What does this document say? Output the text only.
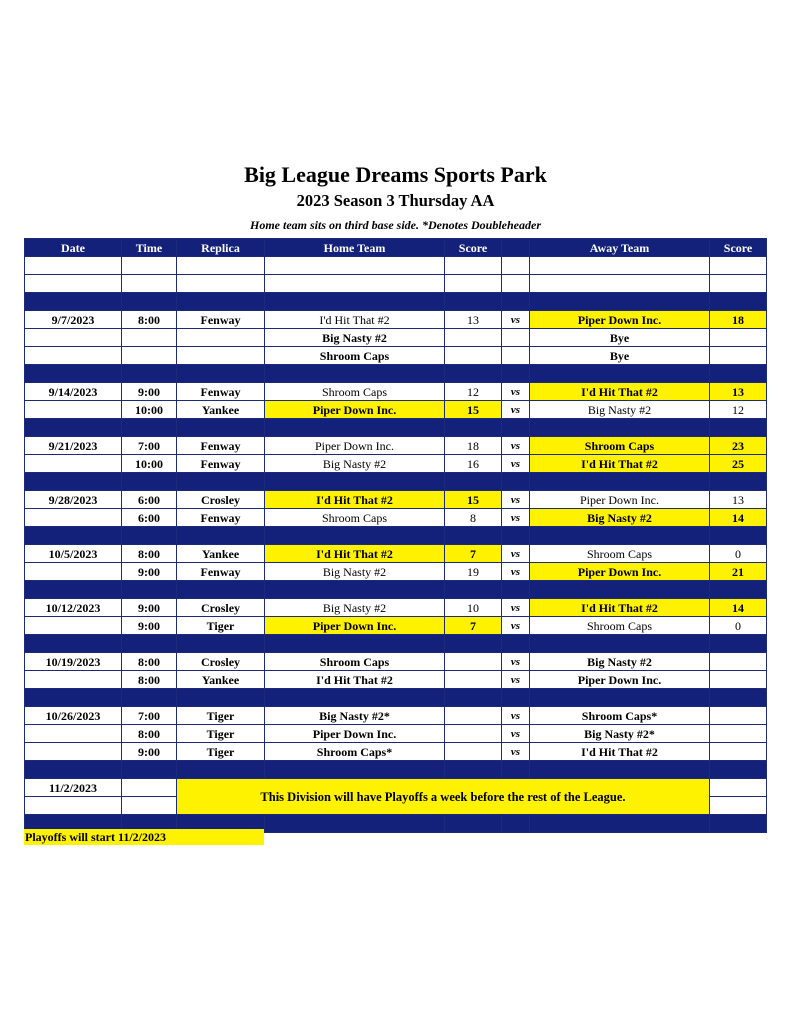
Big League Dreams Sports Park
2023 Season 3 Thursday AA
Home team sits on third base side. *Denotes Doubleheader
Date	Time	Replica	Home Team	Score		Away Team	Score

9/7/2023	8:00	Fenway	I'd Hit That #2	13	vs	Piper Down Inc.	18
			Big Nasty #2			Bye	
			Shroom Caps			Bye	

9/14/2023	9:00	Fenway	Shroom Caps	12	vs	I'd Hit That #2	13
	10:00	Yankee	Piper Down Inc.	15	vs	Big Nasty #2	12

9/21/2023	7:00	Fenway	Piper Down Inc.	18	vs	Shroom Caps	23
	10:00	Fenway	Big Nasty #2	16	vs	I'd Hit That #2	25

9/28/2023	6:00	Crosley	I'd Hit That #2	15	vs	Piper Down Inc.	13
	6:00	Fenway	Shroom Caps	8	vs	Big Nasty #2	14

10/5/2023	8:00	Yankee	I'd Hit That #2	7	vs	Shroom Caps	0
	9:00	Fenway	Big Nasty #2	19	vs	Piper Down Inc.	21

10/12/2023	9:00	Crosley	Big Nasty #2	10	vs	I'd Hit That #2	14
	9:00	Tiger	Piper Down Inc.	7	vs	Shroom Caps	0

10/19/2023	8:00	Crosley	Shroom Caps		vs	Big Nasty #2	
	8:00	Yankee	I'd Hit That #2		vs	Piper Down Inc.	

10/26/2023	7:00	Tiger	Big Nasty #2*		vs	Shroom Caps*	
	8:00	Tiger	Piper Down Inc.		vs	Big Nasty #2*	
	9:00	Tiger	Shroom Caps*		vs	I'd Hit That #2	

11/2/2023		This Division will have Playoffs a week before the rest of the League.					

Playoffs will start 11/2/2023
